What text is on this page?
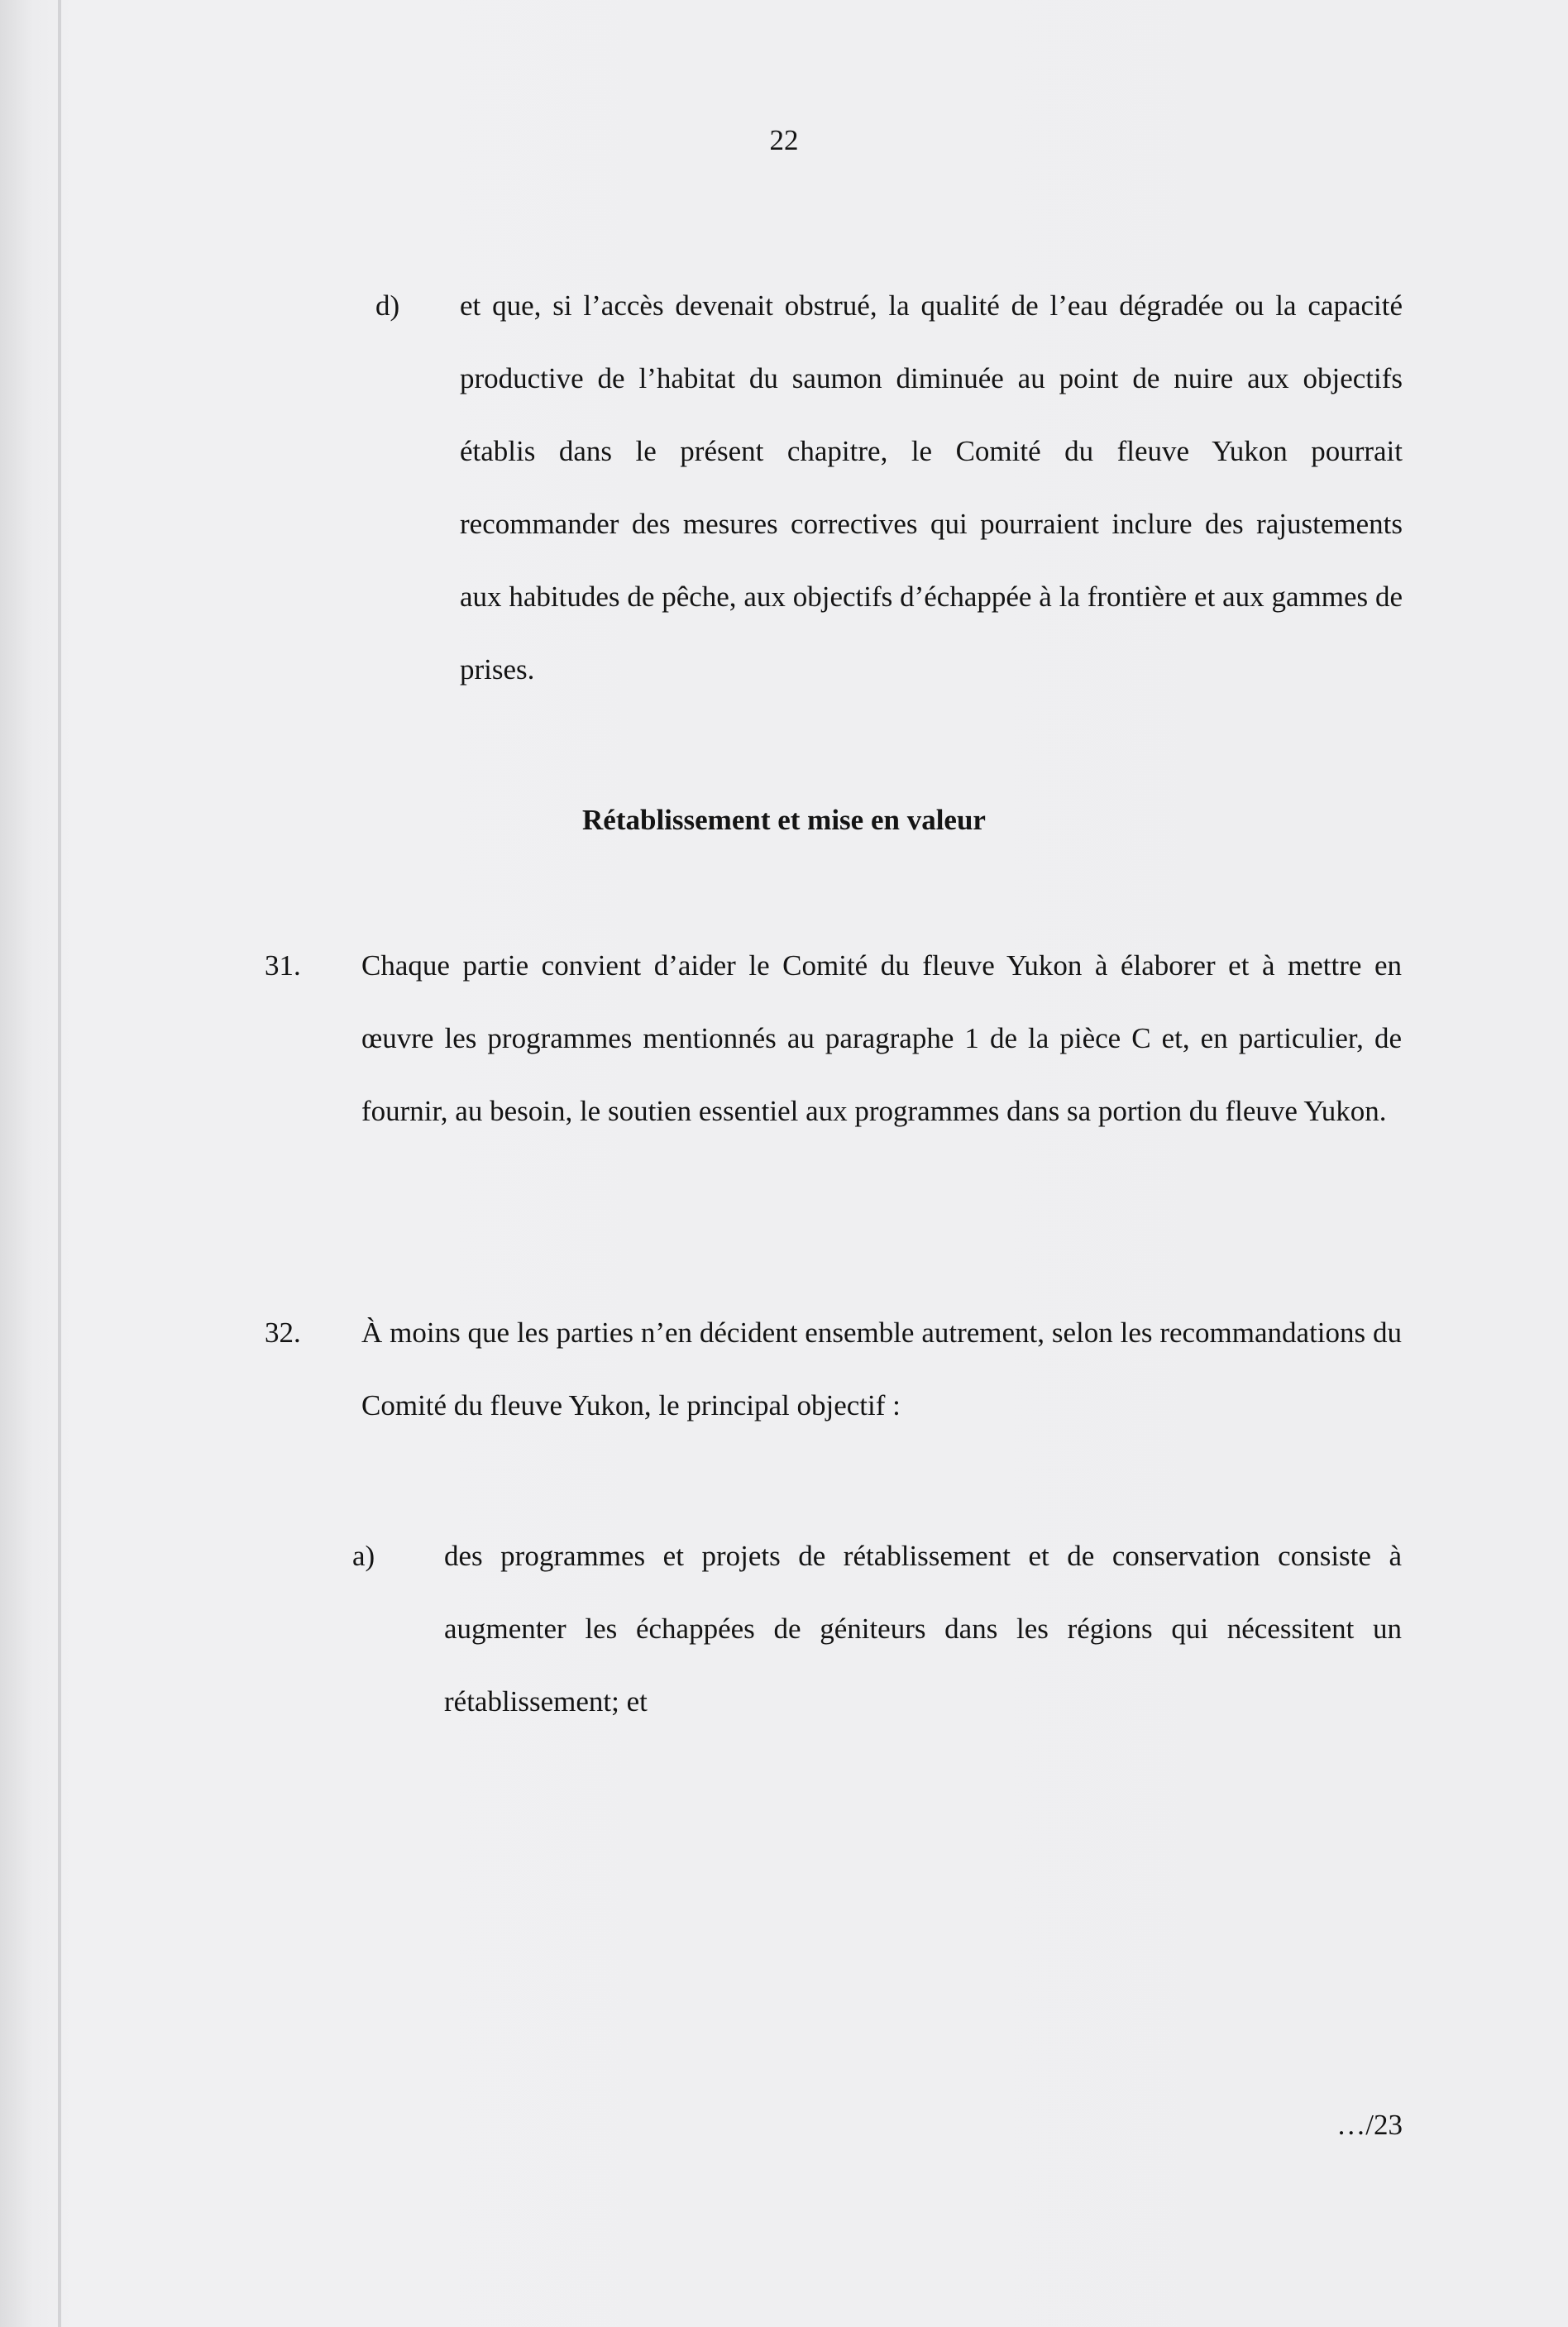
22
d) et que, si l’accès devenait obstrué, la qualité de l’eau dégradée ou la capacité productive de l’habitat du saumon diminuée au point de nuire aux objectifs établis dans le présent chapitre, le Comité du fleuve Yukon pourrait recommander des mesures correctives qui pourraient inclure des rajustements aux habitudes de pêche, aux objectifs d’échappée à la frontière et aux gammes de prises.

Rétablissement et mise en valeur
31. Chaque partie convient d’aider le Comité du fleuve Yukon à élaborer et à mettre en œuvre les programmes mentionnés au paragraphe 1 de la pièce C et, en particulier, de fournir, au besoin, le soutien essentiel aux programmes dans sa portion du fleuve Yukon.

32. À moins que les parties n’en décident ensemble autrement, selon les recommandations du Comité du fleuve Yukon, le principal objectif :

a) des programmes et projets de rétablissement et de conservation consiste à augmenter les échappées de géniteurs dans les régions qui nécessitent un rétablissement; et

…/23
